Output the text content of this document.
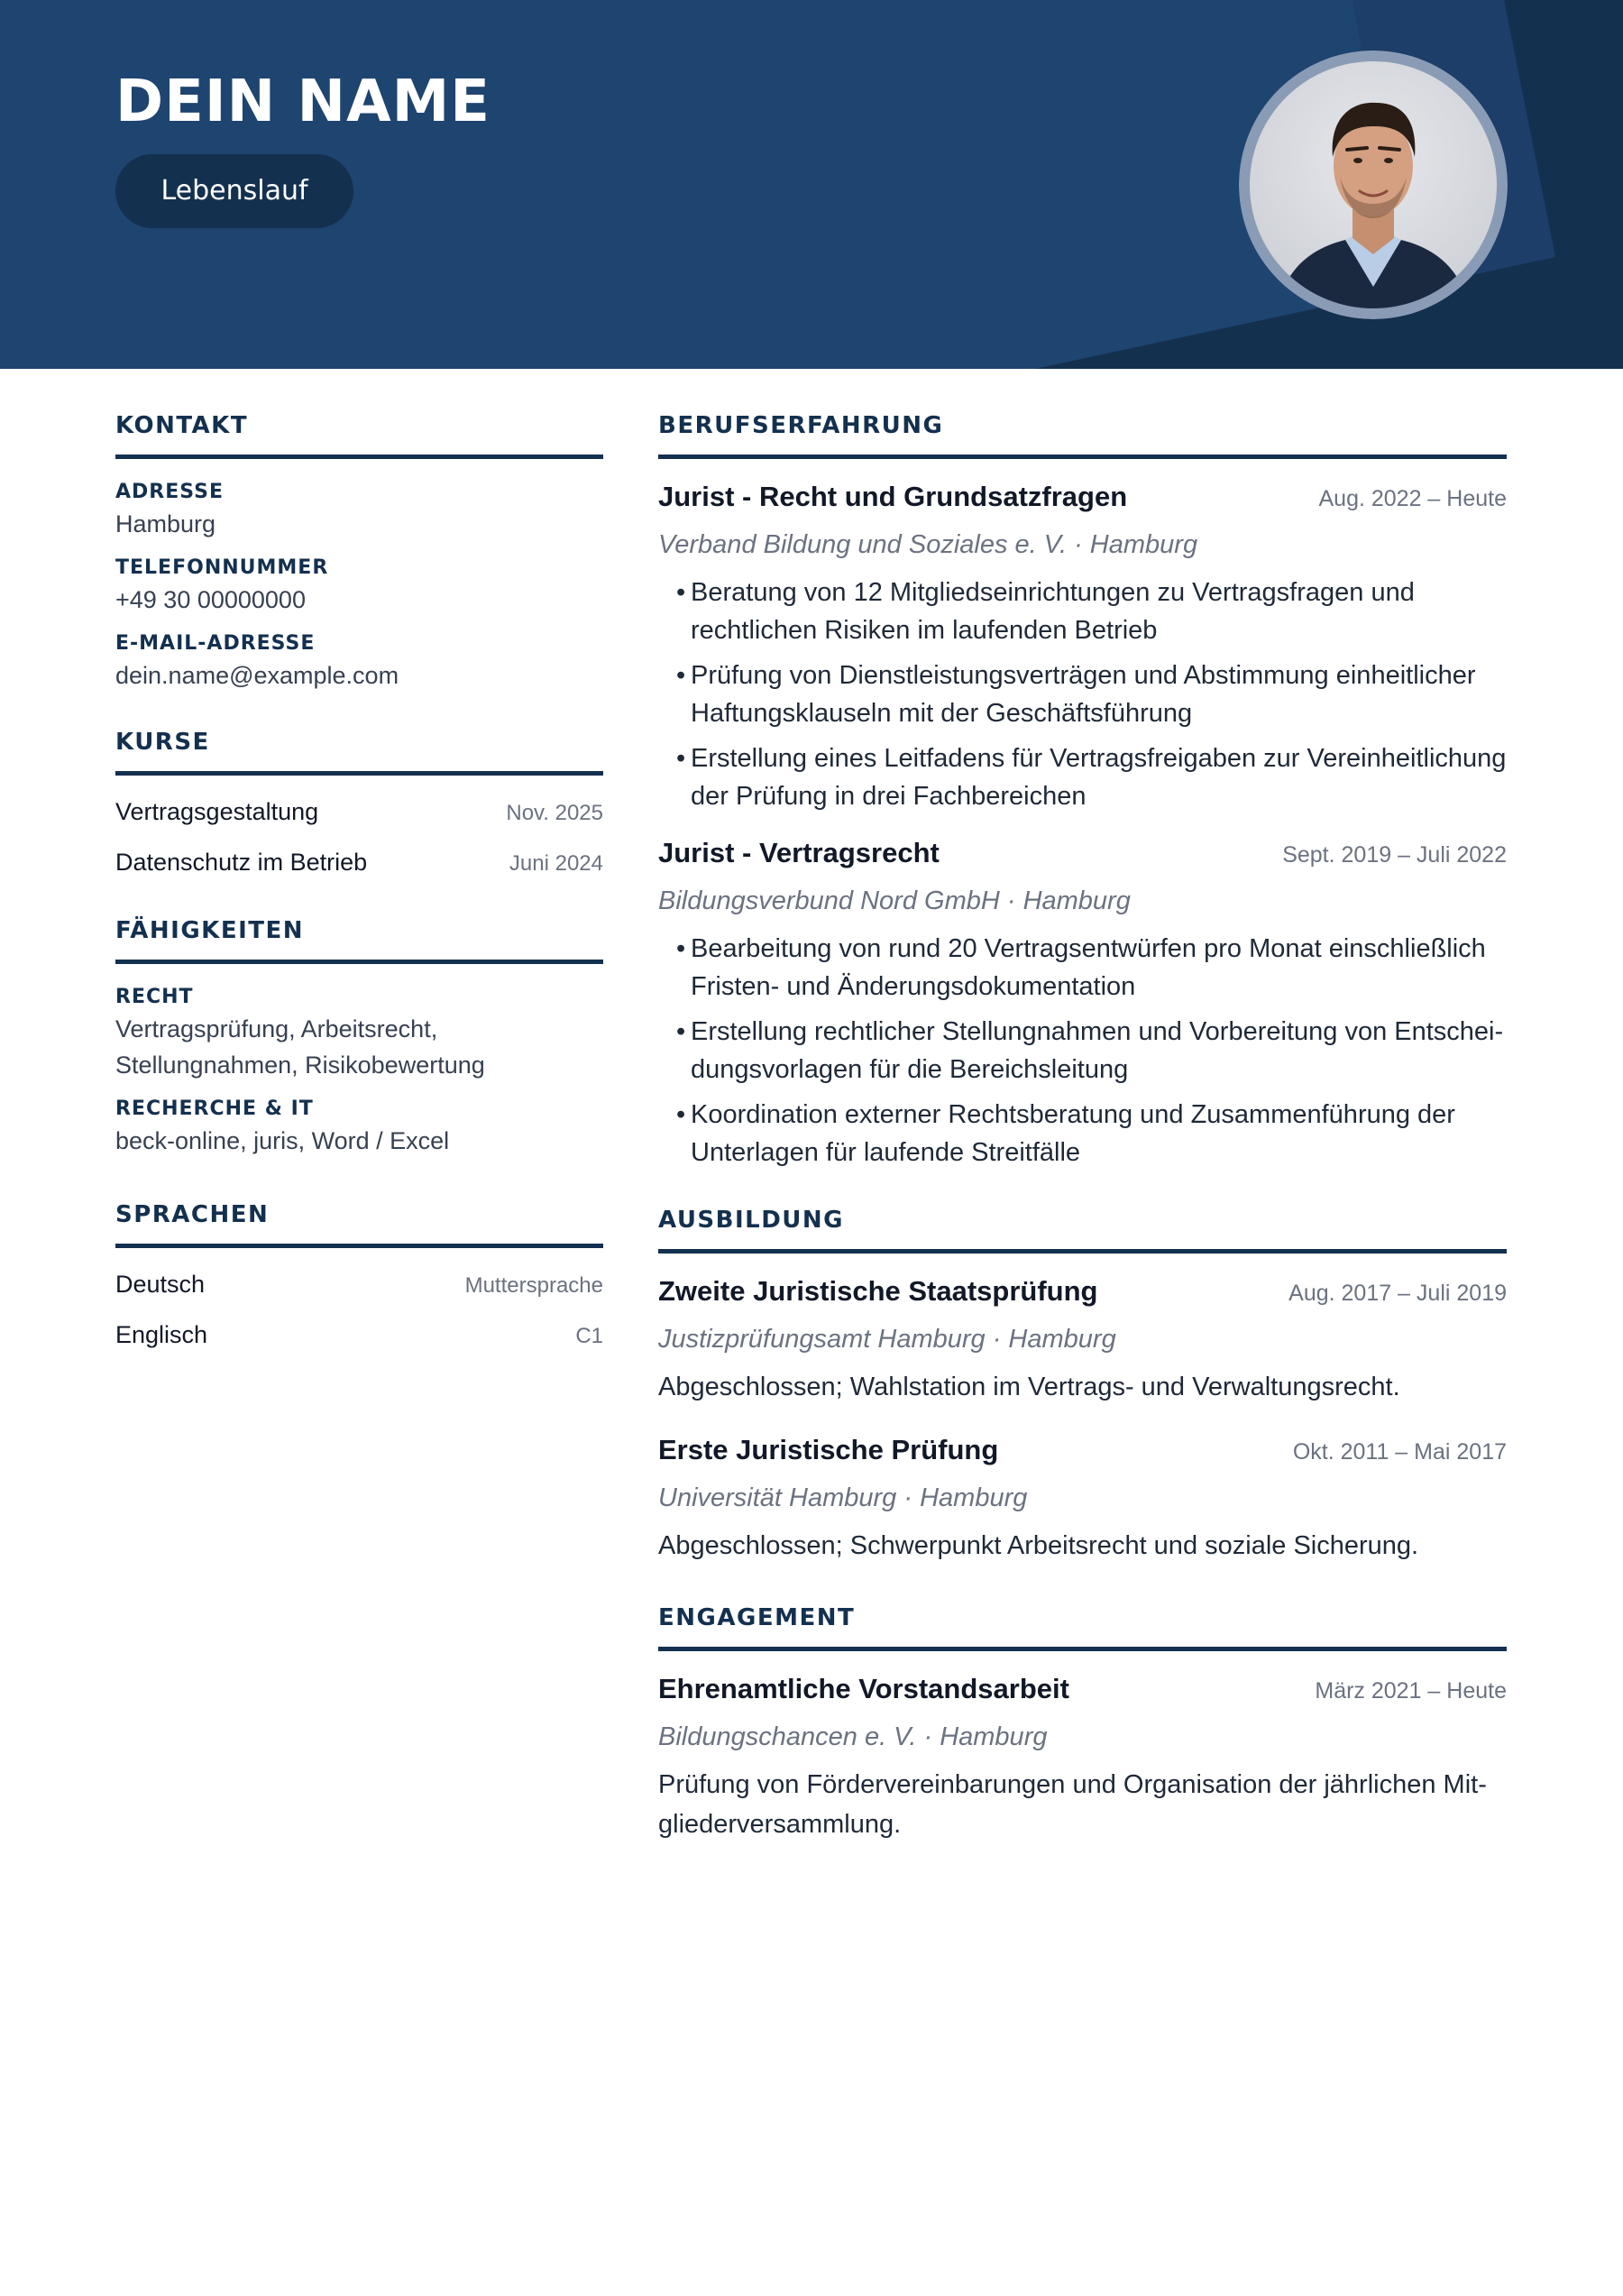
DEIN NAME
Lebenslauf
KONTAKT
ADRESSE
Hamburg
TELEFONNUMMER
+49 30 00000000
E-MAIL-ADRESSE
dein.name@example.com
KURSE
Vertragsgestaltung	Nov. 2025
Datenschutz im Betrieb	Juni 2024
FÄHIGKEITEN
RECHT
Vertragsprüfung, Arbeitsrecht,
Stellungnahmen, Risikobewertung
RECHERCHE & IT
beck-online, juris, Word / Excel
SPRACHEN
Deutsch	Muttersprache
Englisch	C1
BERUFSERFAHRUNG
Jurist - Recht und Grundsatzfragen	Aug. 2022 – Heute
Verband Bildung und Soziales e. V. · Hamburg
• Beratung von 12 Mitgliedseinrichtungen zu Vertragsfragen und
rechtlichen Risiken im laufenden Betrieb
• Prüfung von Dienstleistungsverträgen und Abstimmung einheitlicher
Haftungsklauseln mit der Geschäftsführung
• Erstellung eines Leitfadens für Vertragsfreigaben zur Vereinheitlichung
der Prüfung in drei Fachbereichen
Jurist - Vertragsrecht	Sept. 2019 – Juli 2022
Bildungsverbund Nord GmbH · Hamburg
• Bearbeitung von rund 20 Vertragsentwürfen pro Monat einschließlich
Fristen- und Änderungsdokumentation
• Erstellung rechtlicher Stellungnahmen und Vorbereitung von Entschei-
dungsvorlagen für die Bereichsleitung
• Koordination externer Rechtsberatung und Zusammenführung der
Unterlagen für laufende Streitfälle
AUSBILDUNG
Zweite Juristische Staatsprüfung	Aug. 2017 – Juli 2019
Justizprüfungsamt Hamburg · Hamburg
Abgeschlossen; Wahlstation im Vertrags- und Verwaltungsrecht.
Erste Juristische Prüfung	Okt. 2011 – Mai 2017
Universität Hamburg · Hamburg
Abgeschlossen; Schwerpunkt Arbeitsrecht und soziale Sicherung.
ENGAGEMENT
Ehrenamtliche Vorstandsarbeit	März 2021 – Heute
Bildungschancen e. V. · Hamburg
Prüfung von Fördervereinbarungen und Organisation der jährlichen Mit-
gliederversammlung.
